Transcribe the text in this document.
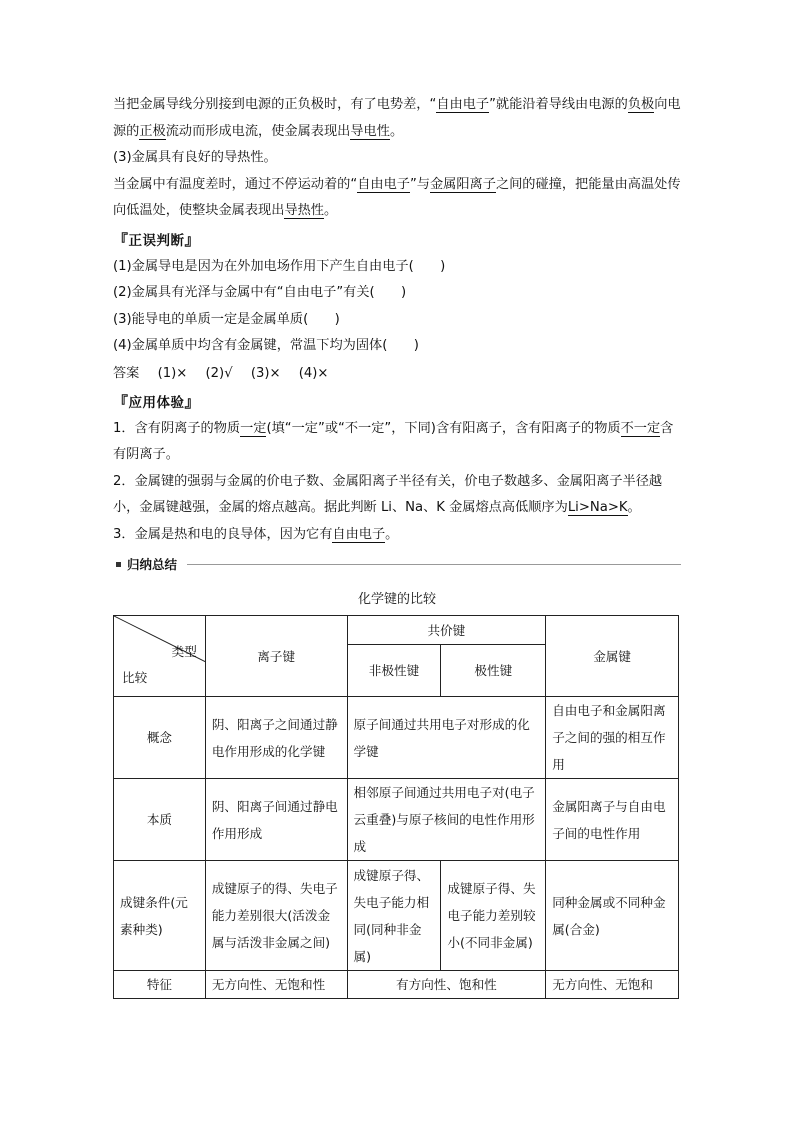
当把金属导线分别接到电源的正负极时，有了电势差，“自由电子”就能沿着导线由电源的负极向电源的正极流动而形成电流，使金属表现出导电性。

(3)金属具有良好的导热性。

当金属中有温度差时，通过不停运动着的“自由电子”与金属阳离子之间的碰撞，把能量由高温处传向低温处，使整块金属表现出导热性。

『正误判断』

(1)金属导电是因为在外加电场作用下产生自由电子(　　)

(2)金属具有光泽与金属中有“自由电子”有关(　　)

(3)能导电的单质一定是金属单质(　　)

(4)金属单质中均含有金属键，常温下均为固体(　　)

答案 (1)× (2)√ (3)× (4)×
『应用体验』

1．含有阴离子的物质一定(填“一定”或“不一定”，下同)含有阳离子，含有阳离子的物质不一定含有阴离子。

2．金属键的强弱与金属的价电子数、金属阳离子半径有关，价电子数越多、金属阳离子半径越小，金属键越强，金属的熔点越高。据此判断 Li、Na、K 金属熔点高低顺序为Li>Na>K。

3．金属是热和电的良导体，因为它有自由电子。

归纳总结
化学键的比较
类型
比较	离子键	共价键		金属键
		非极性键	极性键	
概念	阴、阳离子之间通过静电作用形成的化学键	原子间通过共用电子对形成的化学键		自由电子和金属阳离子之间的强的相互作用
本质	阴、阳离子间通过静电作用形成	相邻原子间通过共用电子对(电子云重叠)与原子核间的电性作用形成		金属阳离子与自由电子间的电性作用
成键条件(元素种类)	成键原子的得、失电子能力差别很大(活泼金属与活泼非金属之间)	成键原子得、失电子能力相同(同种非金属)	成键原子得、失电子能力差别较小(不同非金属)	同种金属或不同种金属(合金)
特征	无方向性、无饱和性	有方向性、饱和性		无方向性、无饱和
